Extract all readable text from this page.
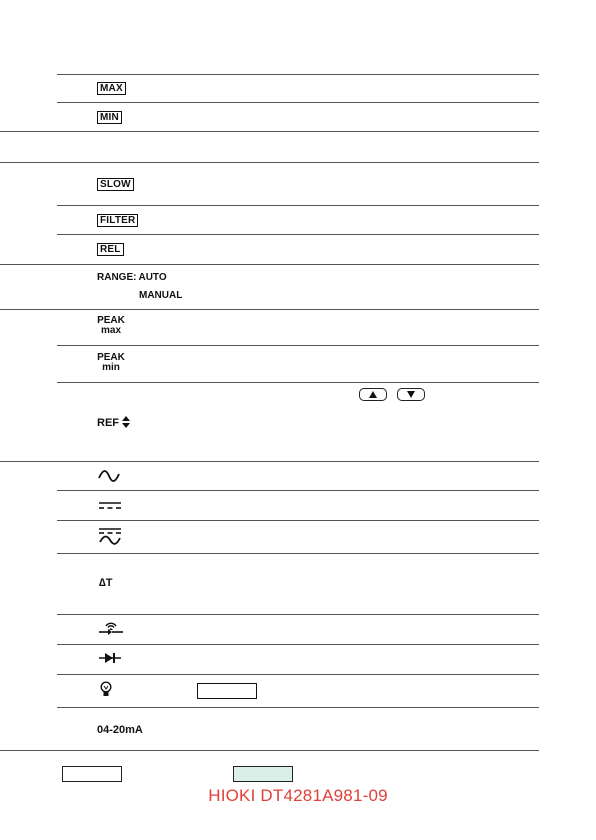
MAX
MIN
SLOW
FILTER
REL
RANGE: AUTO
MANUAL
PEAK
max
PEAK
min
REF
∆T
04-20mA
HIOKI DT4281A981-09
